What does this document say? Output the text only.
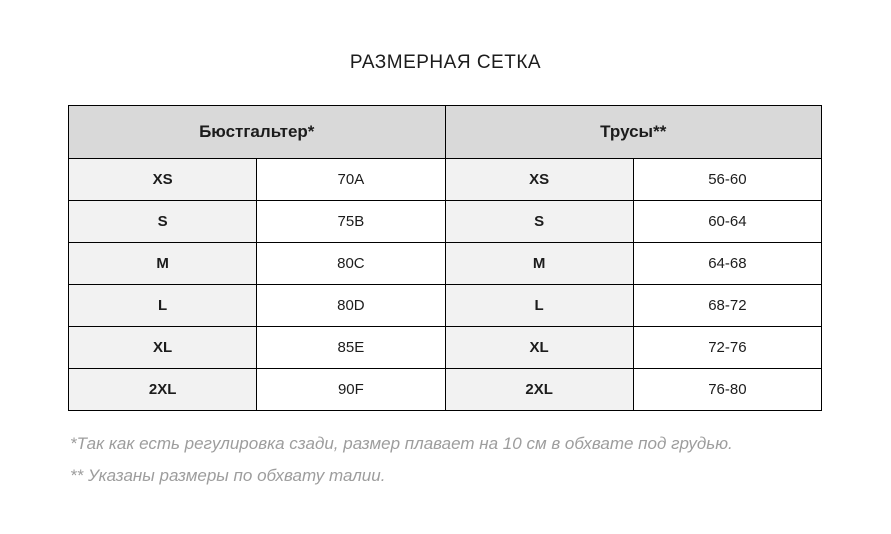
РАЗМЕРНАЯ СЕТКА
Бюстгальтер*		Трусы**	
XS	70A	XS	56-60
S	75B	S	60-64
M	80C	M	64-68
L	80D	L	68-72
XL	85E	XL	72-76
2XL	90F	2XL	76-80

*Так как есть регулировка сзади, размер плавает на 10 см в обхвате под грудью.

** Указаны размеры по обхвату талии.
